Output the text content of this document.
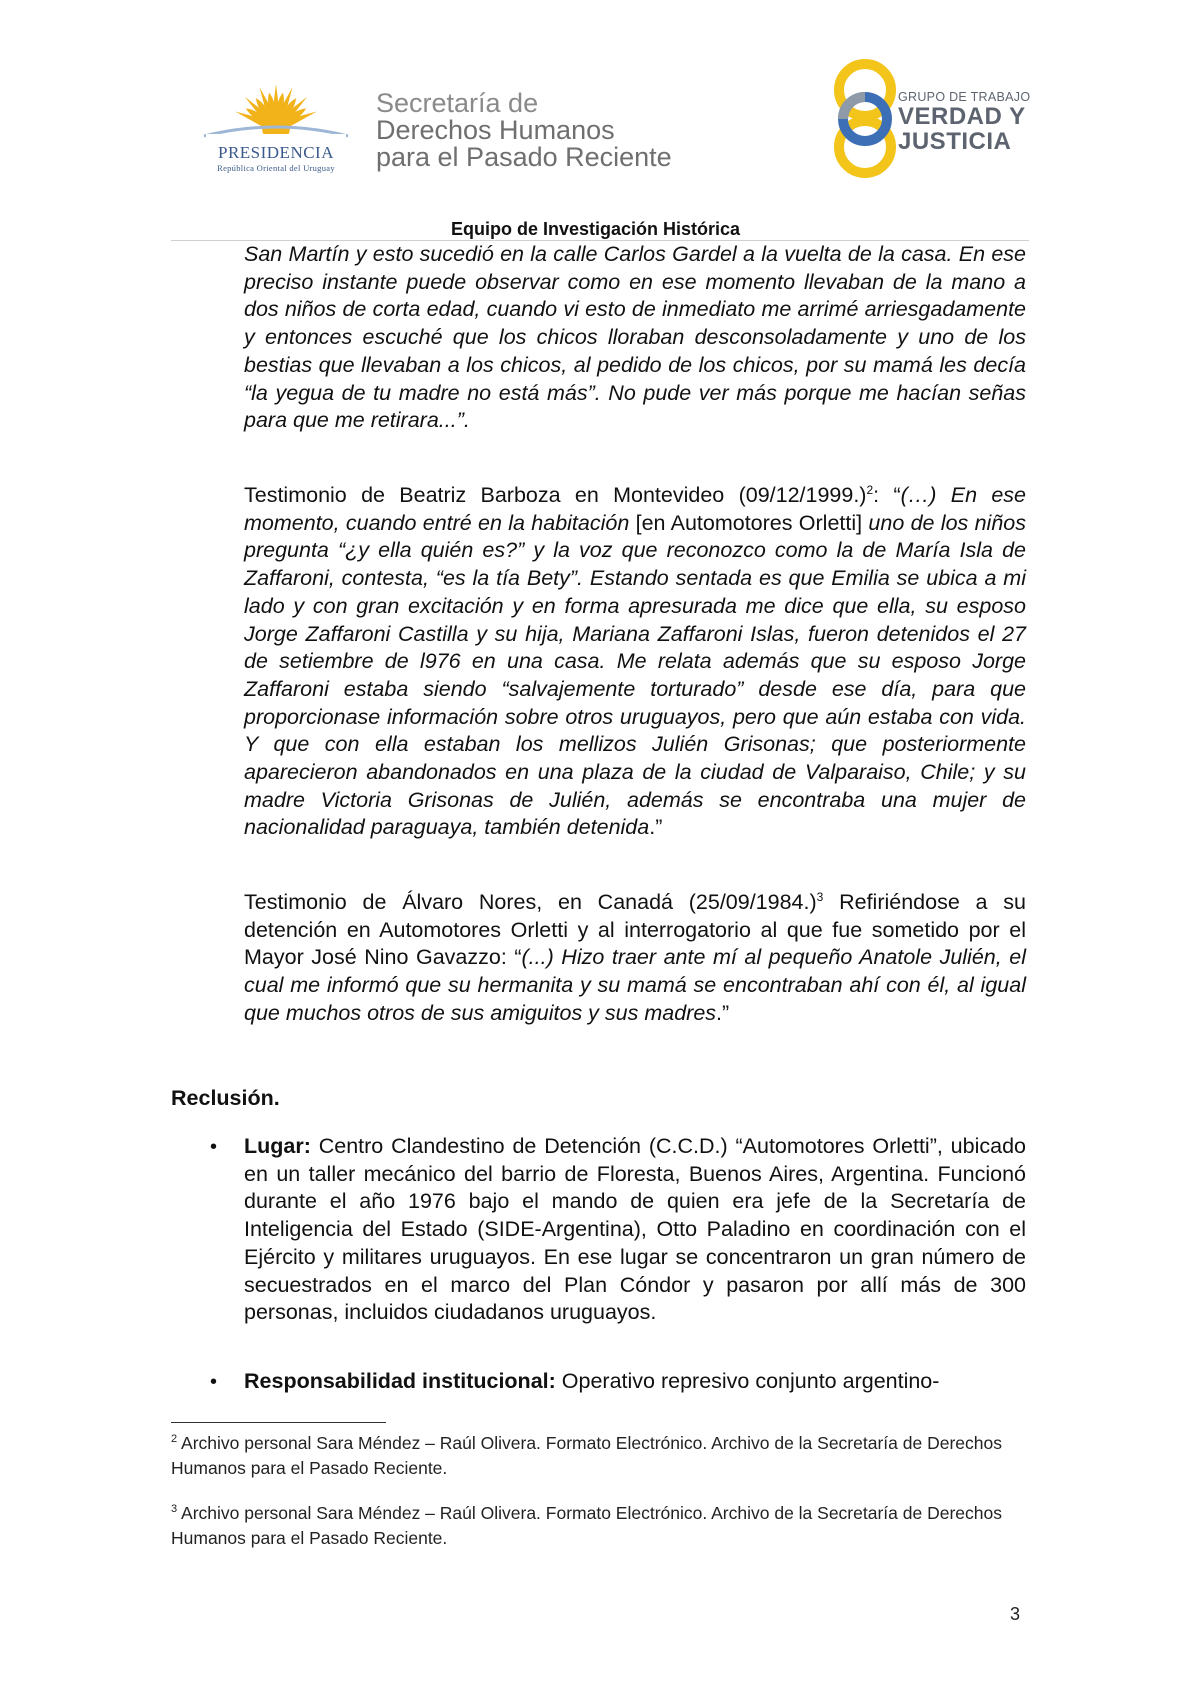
PRESIDENCIA
República Oriental del Uruguay
Secretaría de
Derechos Humanos
para el Pasado Reciente
GRUPO DE TRABAJO
VERDAD Y
JUSTICIA
Equipo de Investigación Histórica
San Martín y esto sucedió en la calle Carlos Gardel a la vuelta de la casa. En ese preciso instante puede observar como en ese momento llevaban de la mano a dos niños de corta edad, cuando vi esto de inmediato me arrimé arriesgadamente y entonces escuché que los chicos lloraban desconsoladamente y uno de los bestias que llevaban a los chicos, al pedido de los chicos, por su mamá les decía “la yegua de tu madre no está más”. No pude ver más porque me hacían señas para que me retirara...”.
Testimonio de Beatriz Barboza en Montevideo $(09/12/1999.)^2$: “(…) En ese momento, cuando entré en la habitación [en Automotores Orletti] uno de los niños pregunta “¿y ella quién es?” y la voz que reconozco como la de María Isla de Zaffaroni, contesta, “es la tía Bety”. Estando sentada es que Emilia se ubica a mi lado y con gran excitación y en forma apresurada me dice que ella, su esposo Jorge Zaffaroni Castilla y su hija, Mariana Zaffaroni Islas, fueron detenidos el 27 de setiembre de l976 en una casa. Me relata además que su esposo Jorge Zaffaroni estaba siendo “salvajemente torturado” desde ese día, para que proporcionase información sobre otros uruguayos, pero que aún estaba con vida. Y que con ella estaban los mellizos Julién Grisonas; que posteriormente aparecieron abandonados en una plaza de la ciudad de Valparaiso, Chile; y su madre Victoria Grisonas de Julién, además se encontraba una mujer de nacionalidad paraguaya, también detenida.”
Testimonio de Álvaro Nores, en Canadá $(25/09/1984.)^3$ Refiriéndose a su detención en Automotores Orletti y al interrogatorio al que fue sometido por el Mayor José Nino Gavazzo: “(...) Hizo traer ante mí al pequeño Anatole Julién, el cual me informó que su hermanita y su mamá se encontraban ahí con él, al igual que muchos otros de sus amiguitos y sus madres.”
Reclusión.
• Lugar: Centro Clandestino de Detención (C.C.D.) “Automotores Orletti”, ubicado en un taller mecánico del barrio de Floresta, Buenos Aires, Argentina. Funcionó durante el año 1976 bajo el mando de quien era jefe de la Secretaría de Inteligencia del Estado (SIDE-Argentina), Otto Paladino en coordinación con el Ejército y militares uruguayos. En ese lugar se concentraron un gran número de secuestrados en el marco del Plan Cóndor y pasaron por allí más de 300 personas, incluidos ciudadanos uruguayos.
• Responsabilidad institucional: Operativo represivo conjunto argentino-
$^2$ Archivo personal Sara Méndez – Raúl Olivera. Formato Electrónico. Archivo de la Secretaría de Derechos Humanos para el Pasado Reciente.
$^3$ Archivo personal Sara Méndez – Raúl Olivera. Formato Electrónico. Archivo de la Secretaría de Derechos Humanos para el Pasado Reciente.
3
